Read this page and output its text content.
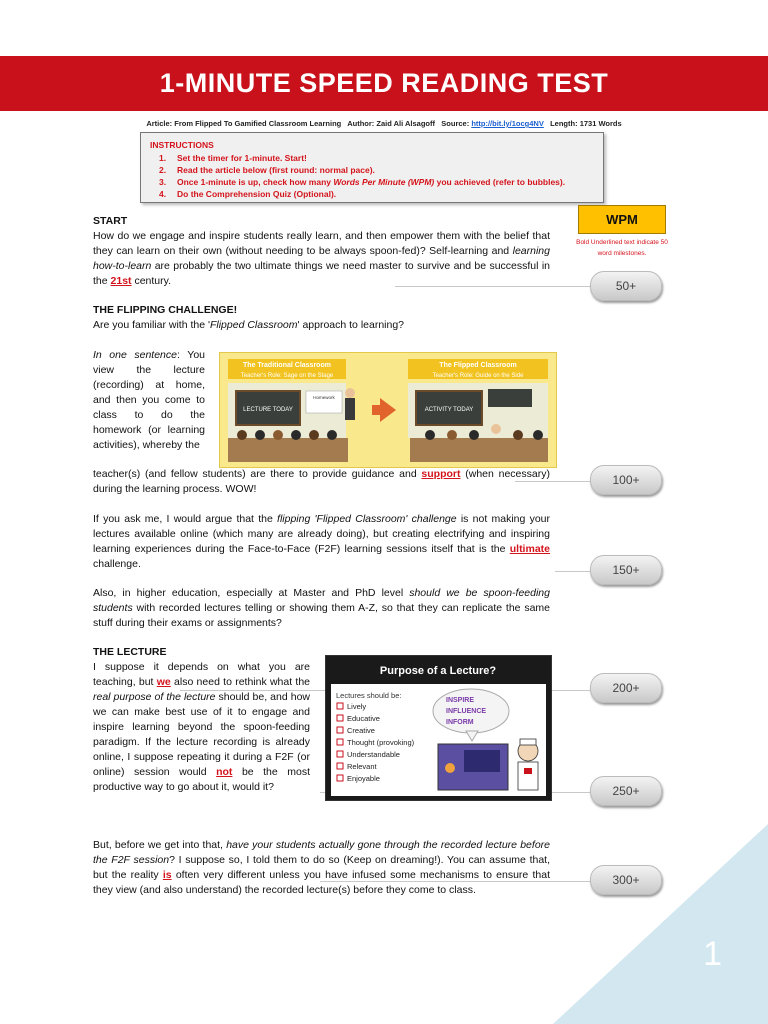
1
1-MINUTE SPEED READING TEST
Article: From Flipped To Gamified Classroom Learning Author: Zaid Ali Alsagoff Source: http://bit.ly/1ocg4NV Length: 1731 Words
INSTRUCTIONS
1. Set the timer for 1-minute. Start!
2. Read the article below (first round: normal pace).
3. Once 1-minute is up, check how many Words Per Minute (WPM) you achieved (refer to bubbles).
4. Do the Comprehension Quiz (Optional).
WPM
Bold Underlined text indicate 50 word milestones.
50+
100+
150+
200+
250+
300+

START

How do we engage and inspire students really learn, and then empower them with the belief that they can learn on their own (without needing to be always spoon-fed)? Self-learning and learning how-to-learn are probably the two ultimate things we need master to survive and be successful in the 21st century.

THE FLIPPING CHALLENGE!

Are you familiar with the 'Flipped Classroom' approach to learning?

In one sentence: You view the lecture (recording) at home, and then you come to class to do the homework (or learning activities), whereby the
teacher(s) (and fellow students) are there to provide guidance and support (when necessary) during the learning process. WOW!
If you ask me, I would argue that the flipping 'Flipped Classroom' challenge is not making your lectures available online (which many are already doing), but creating electrifying and inspiring learning experiences during the Face-to-Face (F2F) learning sessions itself that is the ultimate challenge.
Also, in higher education, especially at Master and PhD level should we be spoon-feeding students with recorded lectures telling or showing them A-Z, so that they can replicate the same stuff during their exams or assignments?
THE LECTURE
I suppose it depends on what you are teaching, but we also need to rethink what the real purpose of the lecture should be, and how we can make best use of it to engage and inspire learning beyond the spoon-feeding paradigm. If the lecture recording is already online, I suppose repeating it during a F2F (or online) session would not be the most productive way to go about it, would it?
But, before we get into that, have your students actually gone through the recorded lecture before the F2F session? I suppose so, I told them to do so (Keep on dreaming!). You can assume that, but the reality is often very different unless you have infused some mechanisms to ensure that they view (and also understand) the recorded lecture(s) before they come to class.
The Traditional Classroom
Teacher's Role: Sage on the Stage
LECTURE TODAY
Homework
The Flipped Classroom
Teacher's Role: Guide on the Side
ACTIVITY TODAY
Purpose of a Lecture?
Lectures should be:
Lively
Educative
Creative
Thought (provoking)
Understandable
Relevant
Enjoyable
INSPIRE
INFLUENCE
INFORM
